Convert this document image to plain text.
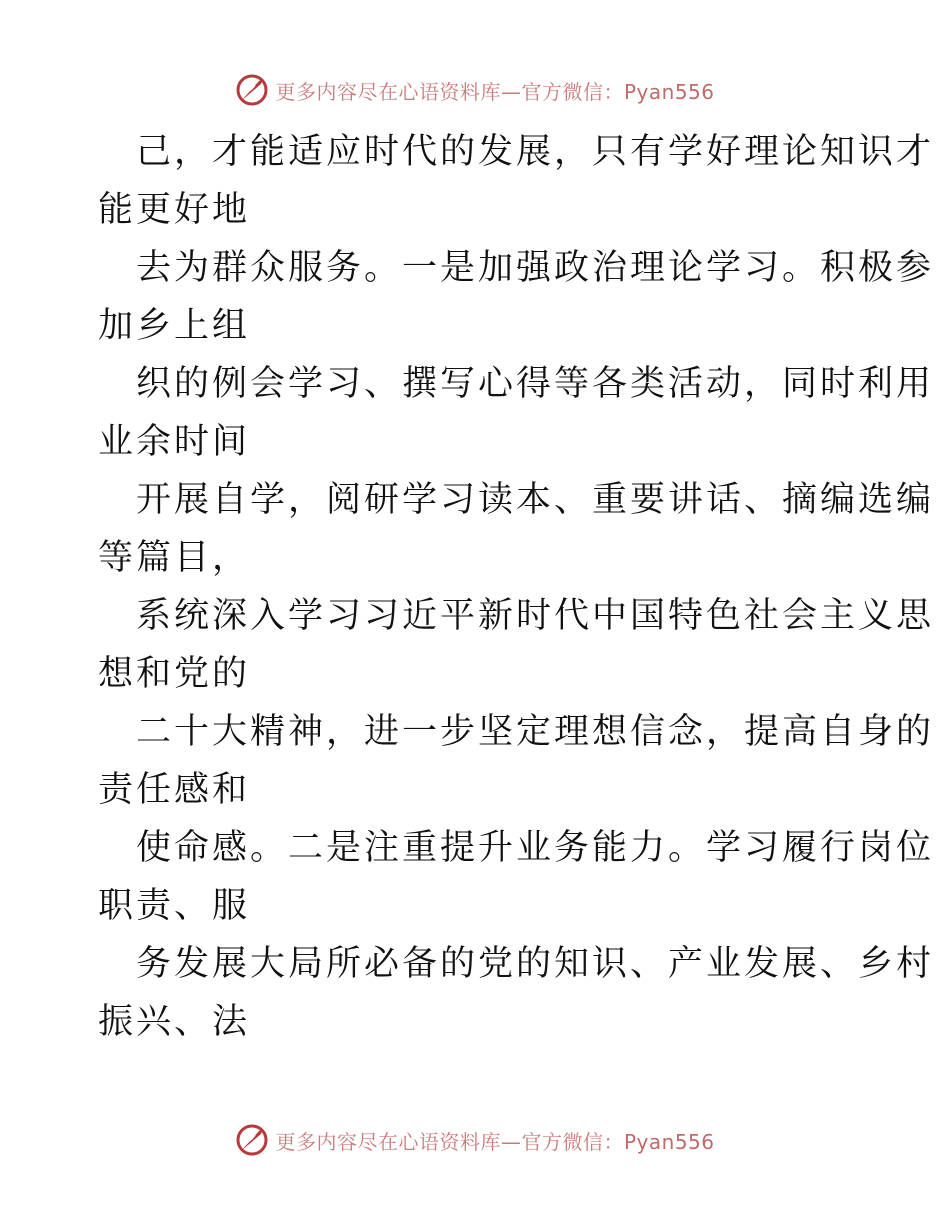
更多内容尽在心语资料库—官方微信：Pyan556
己，才能适应时代的发展，只有学好理论知识才
能更好地
去为群众服务。一是加强政治理论学习。积极参
加乡上组
织的例会学习、撰写心得等各类活动，同时利用
业余时间
开展自学，阅研学习读本、重要讲话、摘编选编
等篇目，
系统深入学习习近平新时代中国特色社会主义思
想和党的
二十大精神，进一步坚定理想信念，提高自身的
责任感和
使命感。二是注重提升业务能力。学习履行岗位
职责、服
务发展大局所必备的党的知识、产业发展、乡村
振兴、法
更多内容尽在心语资料库—官方微信：Pyan556
